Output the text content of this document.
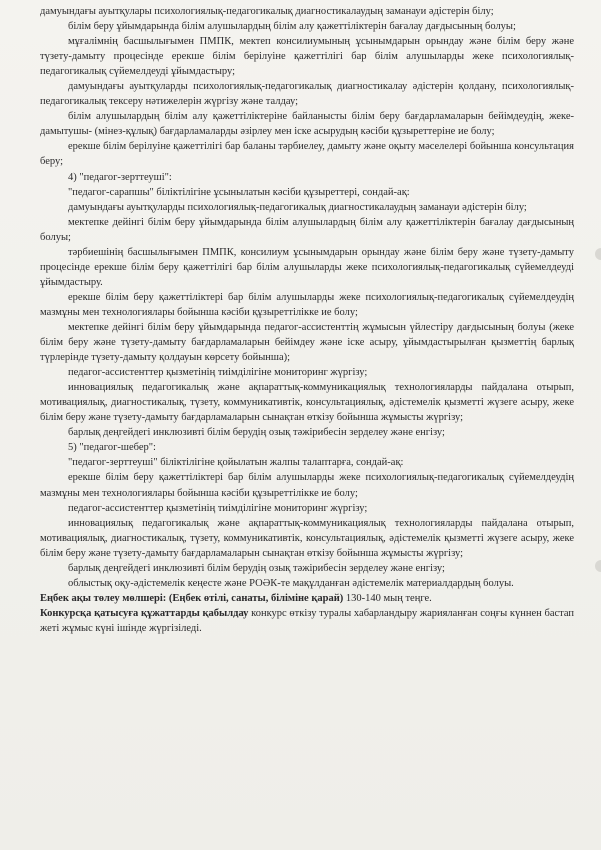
дамуындағы ауытқулары психологиялық-педагогикалық диагностикалаудың заманауи әдістерін білу;

білім беру ұйымдарында білім алушылардың білім алу қажеттіліктерін бағалау дағдысының болуы;

мұғалімнің басшылығымен ПМПК, мектеп консилиумының ұсынымдарын орындау және білім беру және түзету-дамыту процесінде ерекше білім берілуіне қажеттілігі бар білім алушыларды жеке психологиялық-педагогикалық сүйемелдеуді ұйымдастыру;

дамуындағы ауытқуларды психологиялық-педагогикалық диагностикалау әдістерін қолдану, психологиялық-педагогикалық тексеру нәтижелерін жүргізу және талдау;

білім алушылардың білім алу қажеттіліктеріне байланысты білім беру бағдарламаларын бейімдеудің, жеке-дамытушы- (мінез-құлық) бағдарламаларды әзірлеу мен іске асырудың кәсіби құзыреттеріне ие болу;

ерекше білім берілуіне қажеттілігі бар баланы тәрбиелеу, дамыту және оқыту мәселелері бойынша консультация беру;

4) "педагог-зерттеуші":

"педагог-сарапшы" біліктілігіне ұсынылатын кәсіби құзыреттері, сондай-ақ:

дамуындағы ауытқуларды психологиялық-педагогикалық диагностикалаудың заманауи әдістерін білу;

мектепке дейінгі білім беру ұйымдарында білім алушылардың білім алу қажеттіліктерін бағалау дағдысының болуы;

тәрбиешінің басшылығымен ПМПК, консилиум ұсынымдарын орындау және білім беру және түзету-дамыту процесінде ерекше білім беру қажеттілігі бар білім алушыларды жеке психологиялық-педагогикалық сүйемелдеуді ұйымдастыру.

ерекше білім беру қажеттіліктері бар білім алушыларды жеке психологиялық-педагогикалық сүйемелдеудің мазмұны мен технологиялары бойынша кәсіби құзыреттілікке ие болу;

мектепке дейінгі білім беру ұйымдарында педагог-ассистенттің жұмысын үйлестіру дағдысының болуы (жеке білім беру және түзету-дамыту бағдарламаларын бейімдеу және іске асыру, ұйымдастырылған қызметтің барлық түрлерінде түзету-дамыту қолдауын көрсету бойынша);

педагог-ассистенттер қызметінің тиімділігіне мониторинг жүргізу;

инновациялық педагогикалық және ақпараттық-коммуникациялық технологияларды пайдалана отырып, мотивациялық, диагностикалық, түзету, коммуникативтік, консультациялық, әдістемелік қызметті жүзеге асыру, жеке білім беру және түзету-дамыту бағдарламаларын сынақтан өткізу бойынша жұмысты жүргізу;

барлық деңгейдегі инклюзивті білім берудің озық тәжірибесін зерделеу және енгізу;

5) "педагог-шебер":

"педагог-зерттеуші" біліктілігіне қойылатын жалпы талаптарға, сондай-ақ:

ерекше білім беру қажеттіліктері бар білім алушыларды жеке психологиялық-педагогикалық сүйемелдеудің мазмұны мен технологиялары бойынша кәсіби құзыреттілікке ие болу;

педагог-ассистенттер қызметінің тиімділігіне мониторинг жүргізу;

инновациялық педагогикалық және ақпараттық-коммуникациялық технологияларды пайдалана отырып, мотивациялық, диагностикалық, түзету, коммуникативтік, консультациялық, әдістемелік қызметті жүзеге асыру, жеке білім беру және түзету-дамыту бағдарламаларын сынақтан өткізу бойынша жұмысты жүргізу;

барлық деңгейдегі инклюзивті білім берудің озық тәжірибесін зерделеу және енгізу;

облыстық оқу-әдістемелік кеңесте және РОӘК-те мақұлданған әдістемелік материалдардың болуы.

Еңбек ақы төлеу мөлшері: (Еңбек өтілі, санаты, біліміне қарай) 130-140 мың теңге.

Конкурсқа қатысуға құжаттарды қабылдау конкурс өткізу туралы хабарландыру жарияланған соңғы күннен бастап жеті жұмыс күні ішінде жүргізіледі.
